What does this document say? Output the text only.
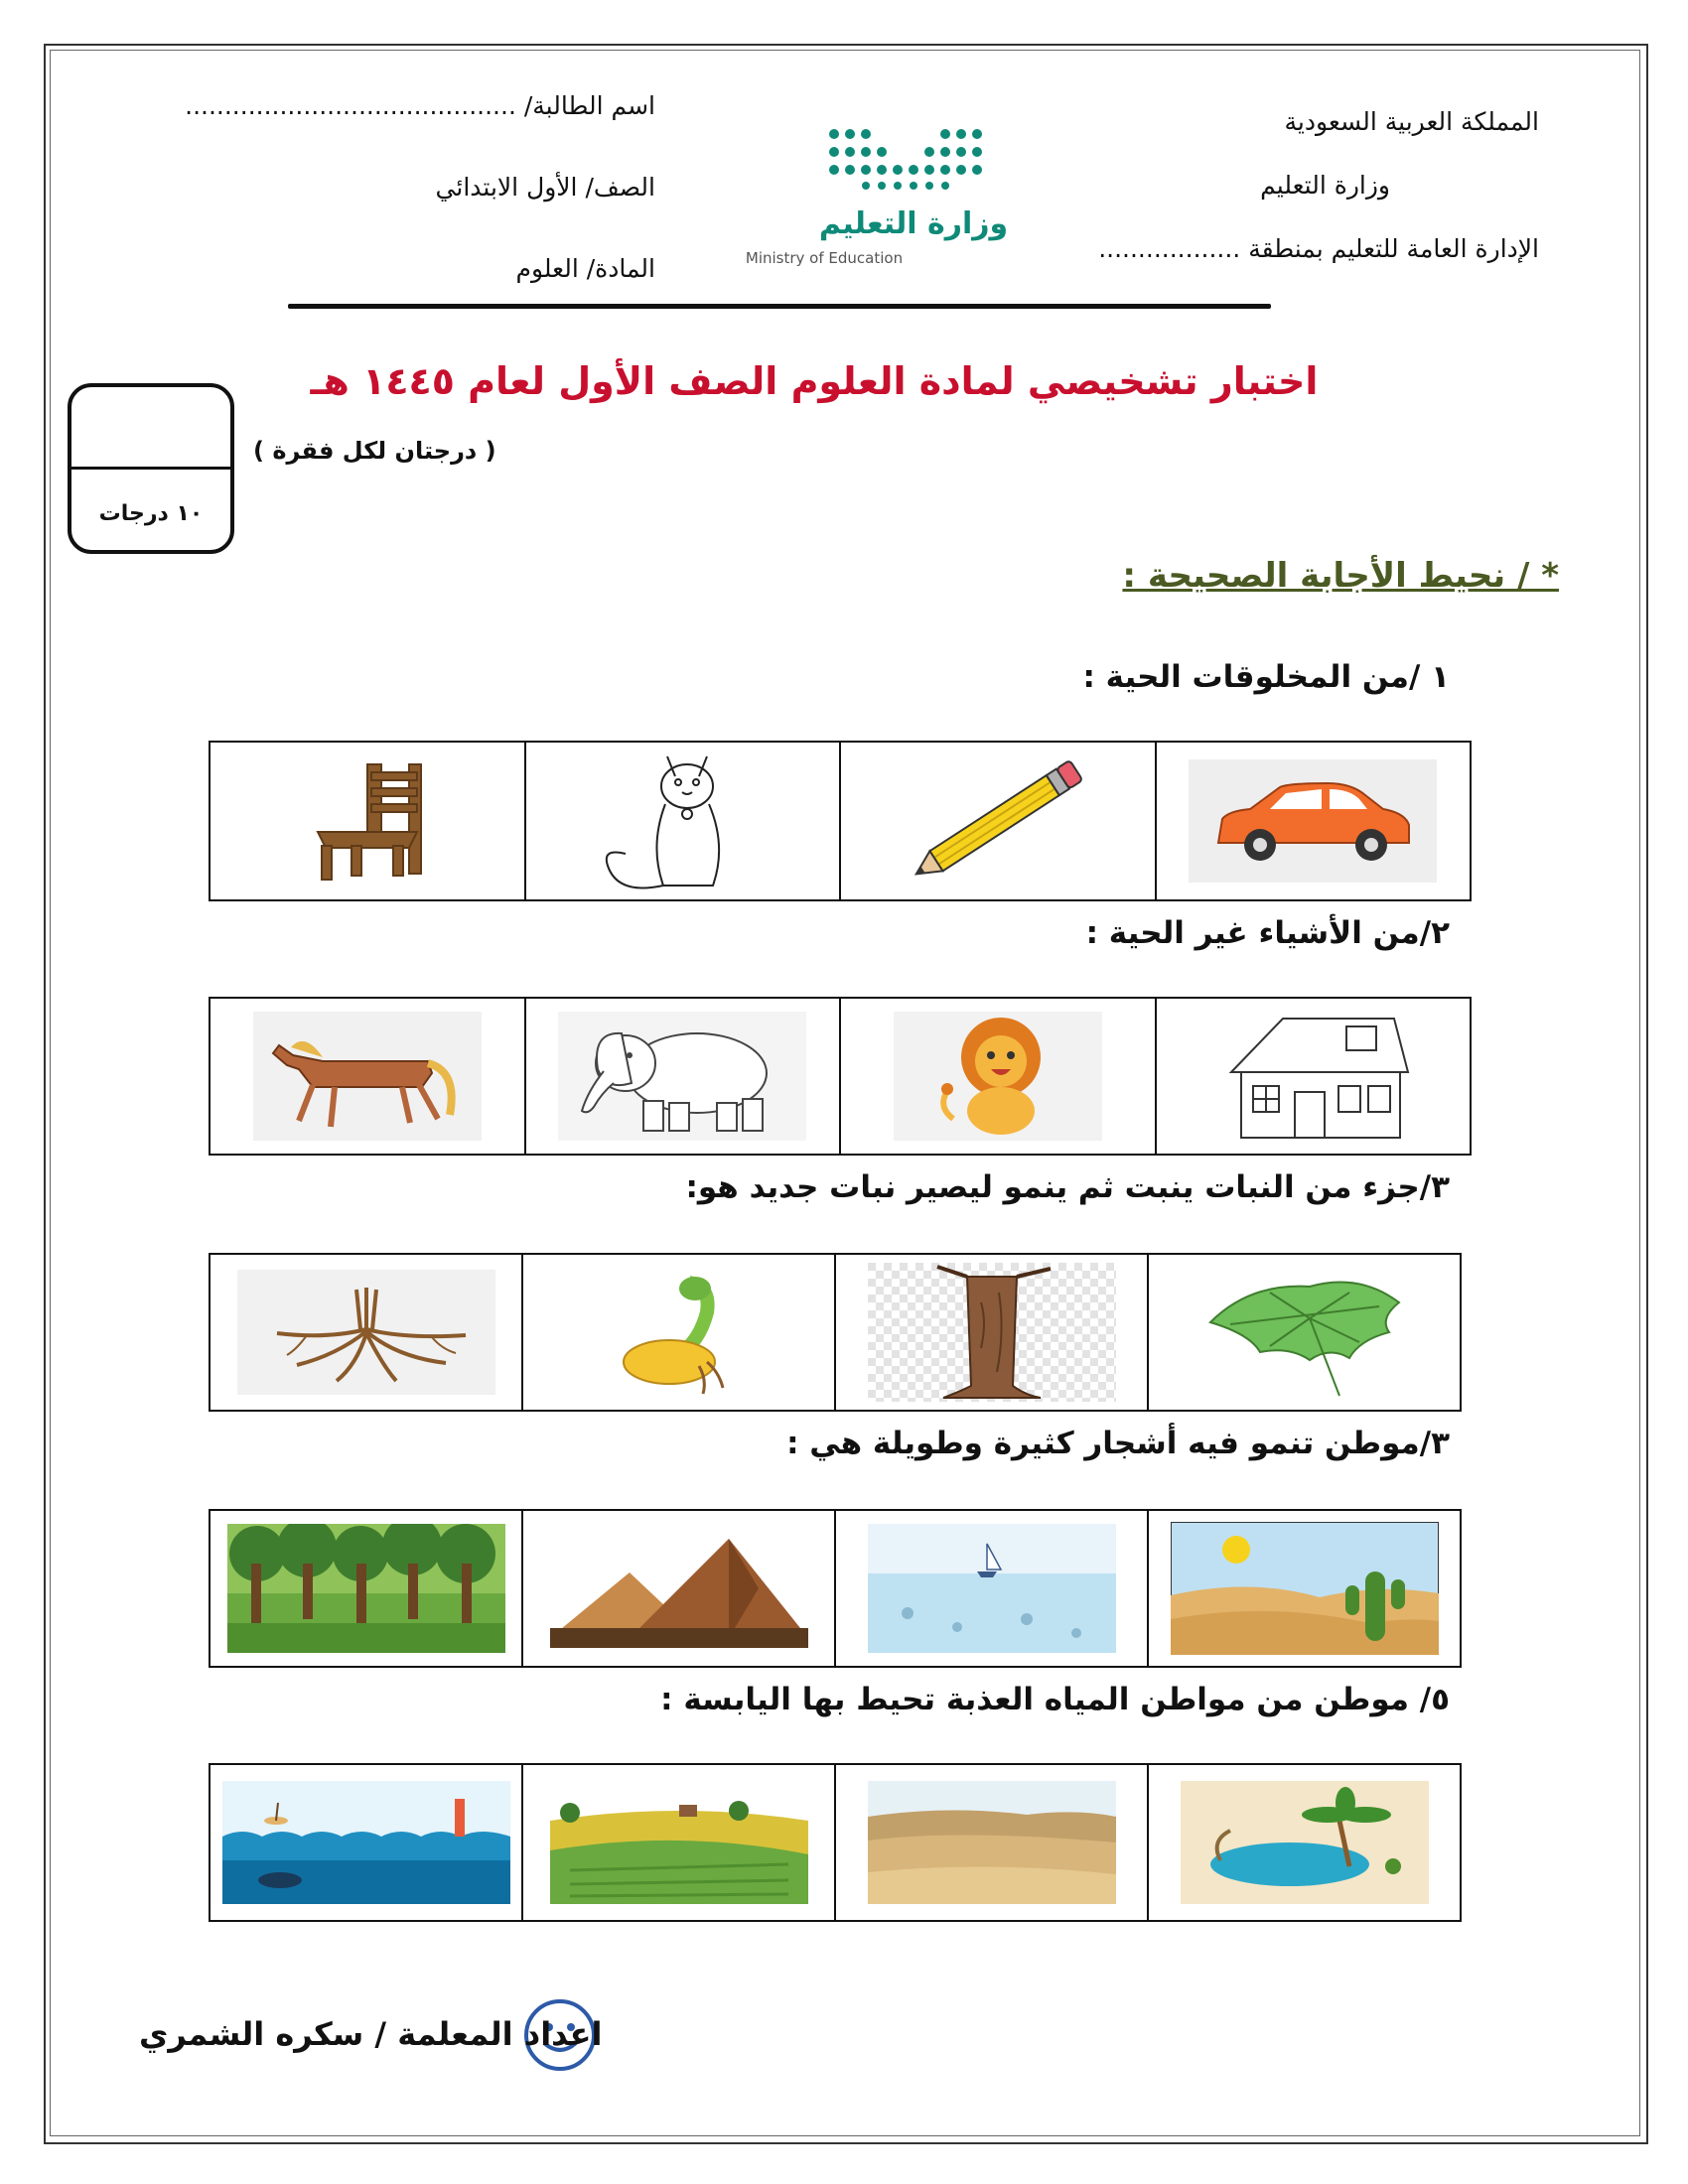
المملكة العربية السعودية
وزارة التعليم
الإدارة العامة للتعليم بمنطقة ..................
اسم الطالبة/ ..........................................
الصف/ الأول الابتدائي
المادة/ العلوم
وزارة التعليم
Ministry of Education
اختبار تشخيصي لمادة العلوم الصف الأول لعام ١٤٤٥ هـ
( درجتان لكل فقرة )
١٠ درجات
* / نحيط الأجابة الصحيحة :
١ /من المخلوقات الحية :
٢/من الأشياء غير الحية :
٣/جزء من النبات ينبت ثم ينمو ليصير نبات جديد هو:
٣/موطن تنمو فيه أشجار كثيرة وطويلة هي :
٥/ موطن من مواطن المياه العذبة تحيط بها اليابسة :
اعداد المعلمة / سكره الشمري
